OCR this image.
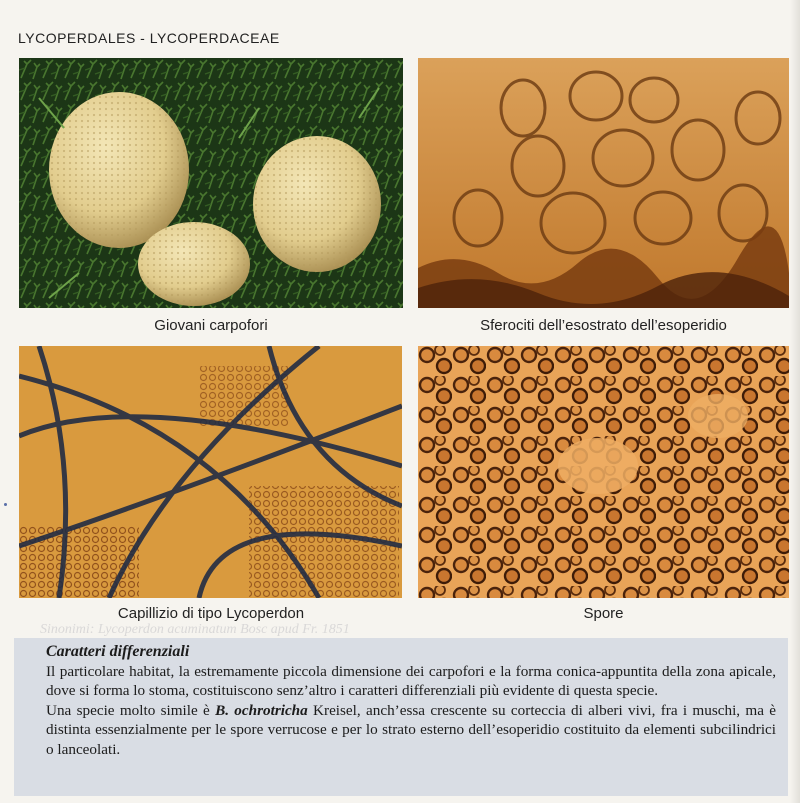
LYCOPERDALES - LYCOPERDACEAE
Giovani carpofori	Sferociti dell’esostrato dell’esoperidio
Capillizio di tipo Lycoperdon	Spore
Sinonimi: Lycoperdon acuminatum Bosc apud Fr. 1851
Caratteri differenziali
Il particolare habitat, la estremamente piccola dimensione dei carpofori e la forma conica-appuntita della zona apicale, dove si forma lo stoma, costituiscono senz’altro i caratteri differenziali più evidente di questa specie.
Una specie molto simile è B. ochrotricha Kreisel, anch’essa crescente su corteccia di alberi vivi, fra i muschi, ma è distinta essenzialmente per le spore verrucose e per lo strato esterno dell’esoperidio costituito da elementi subcilindrici o lanceolati.
